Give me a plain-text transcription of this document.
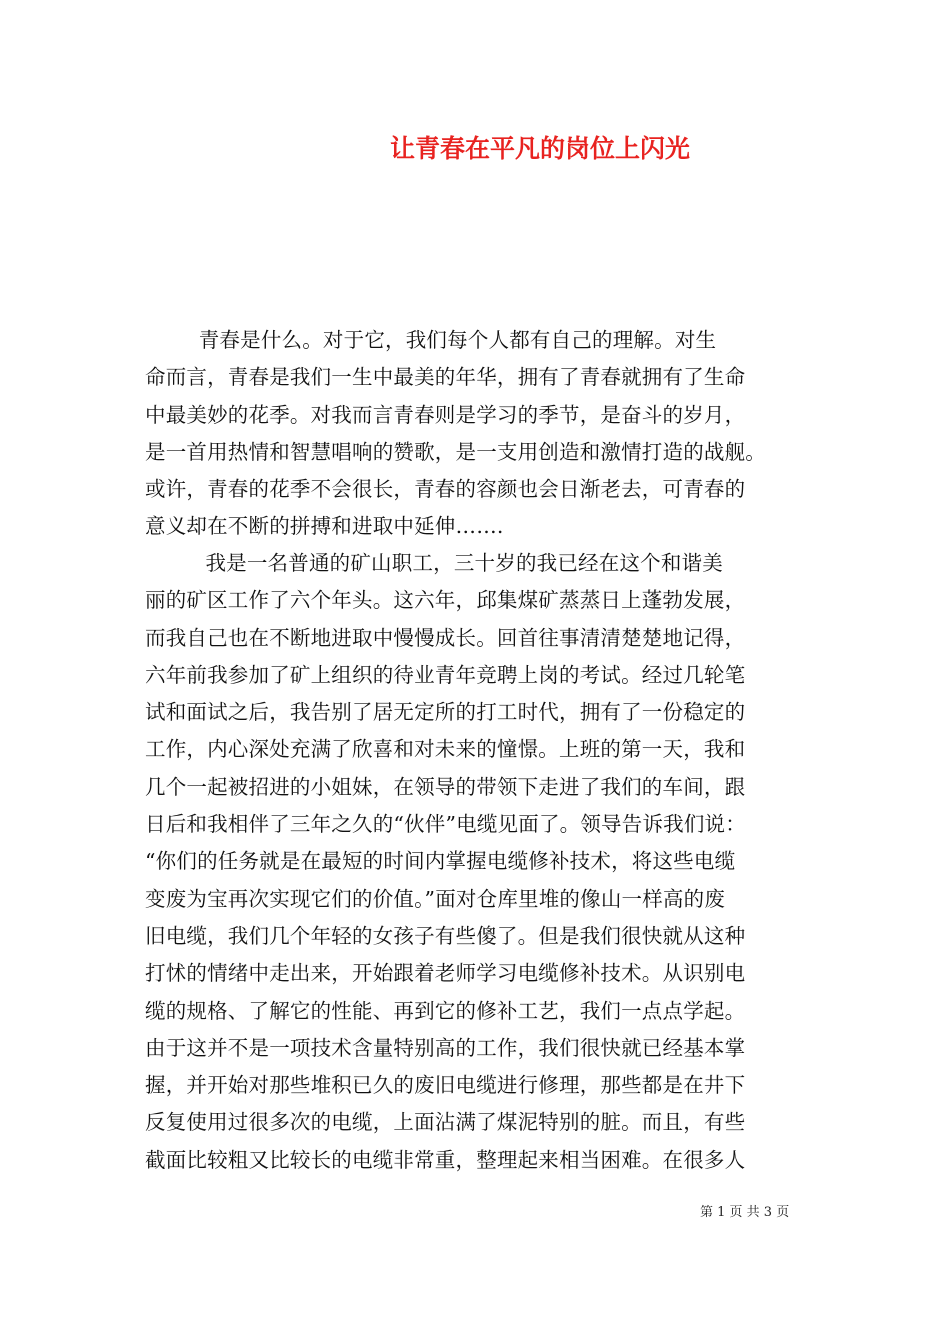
让青春在平凡的岗位上闪光
青春是什么。对于它，我们每个人都有自己的理解。对生
命而言，青春是我们一生中最美的年华，拥有了青春就拥有了生命
中最美妙的花季。对我而言青春则是学习的季节，是奋斗的岁月，
是一首用热情和智慧唱响的赞歌，是一支用创造和激情打造的战舰。
或许，青春的花季不会很长，青春的容颜也会日渐老去，可青春的
意义却在不断的拼搏和进取中延伸…….
我是一名普通的矿山职工，三十岁的我已经在这个和谐美
丽的矿区工作了六个年头。这六年，邱集煤矿蒸蒸日上蓬勃发展，
而我自己也在不断地进取中慢慢成长。回首往事清清楚楚地记得，
六年前我参加了矿上组织的待业青年竞聘上岗的考试。经过几轮笔
试和面试之后，我告别了居无定所的打工时代，拥有了一份稳定的
工作，内心深处充满了欣喜和对未来的憧憬。上班的第一天，我和
几个一起被招进的小姐妹，在领导的带领下走进了我们的车间，跟
日后和我相伴了三年之久的“伙伴”电缆见面了。领导告诉我们说：
“你们的任务就是在最短的时间内掌握电缆修补技术，将这些电缆
变废为宝再次实现它们的价值。”面对仓库里堆的像山一样高的废
旧电缆，我们几个年轻的女孩子有些傻了。但是我们很快就从这种
打怵的情绪中走出来，开始跟着老师学习电缆修补技术。从识别电
缆的规格、了解它的性能、再到它的修补工艺，我们一点点学起。
由于这并不是一项技术含量特别高的工作，我们很快就已经基本掌
握，并开始对那些堆积已久的废旧电缆进行修理，那些都是在井下
反复使用过很多次的电缆，上面沾满了煤泥特别的脏。而且，有些
截面比较粗又比较长的电缆非常重，整理起来相当困难。在很多人
第 1 页 共 3 页
